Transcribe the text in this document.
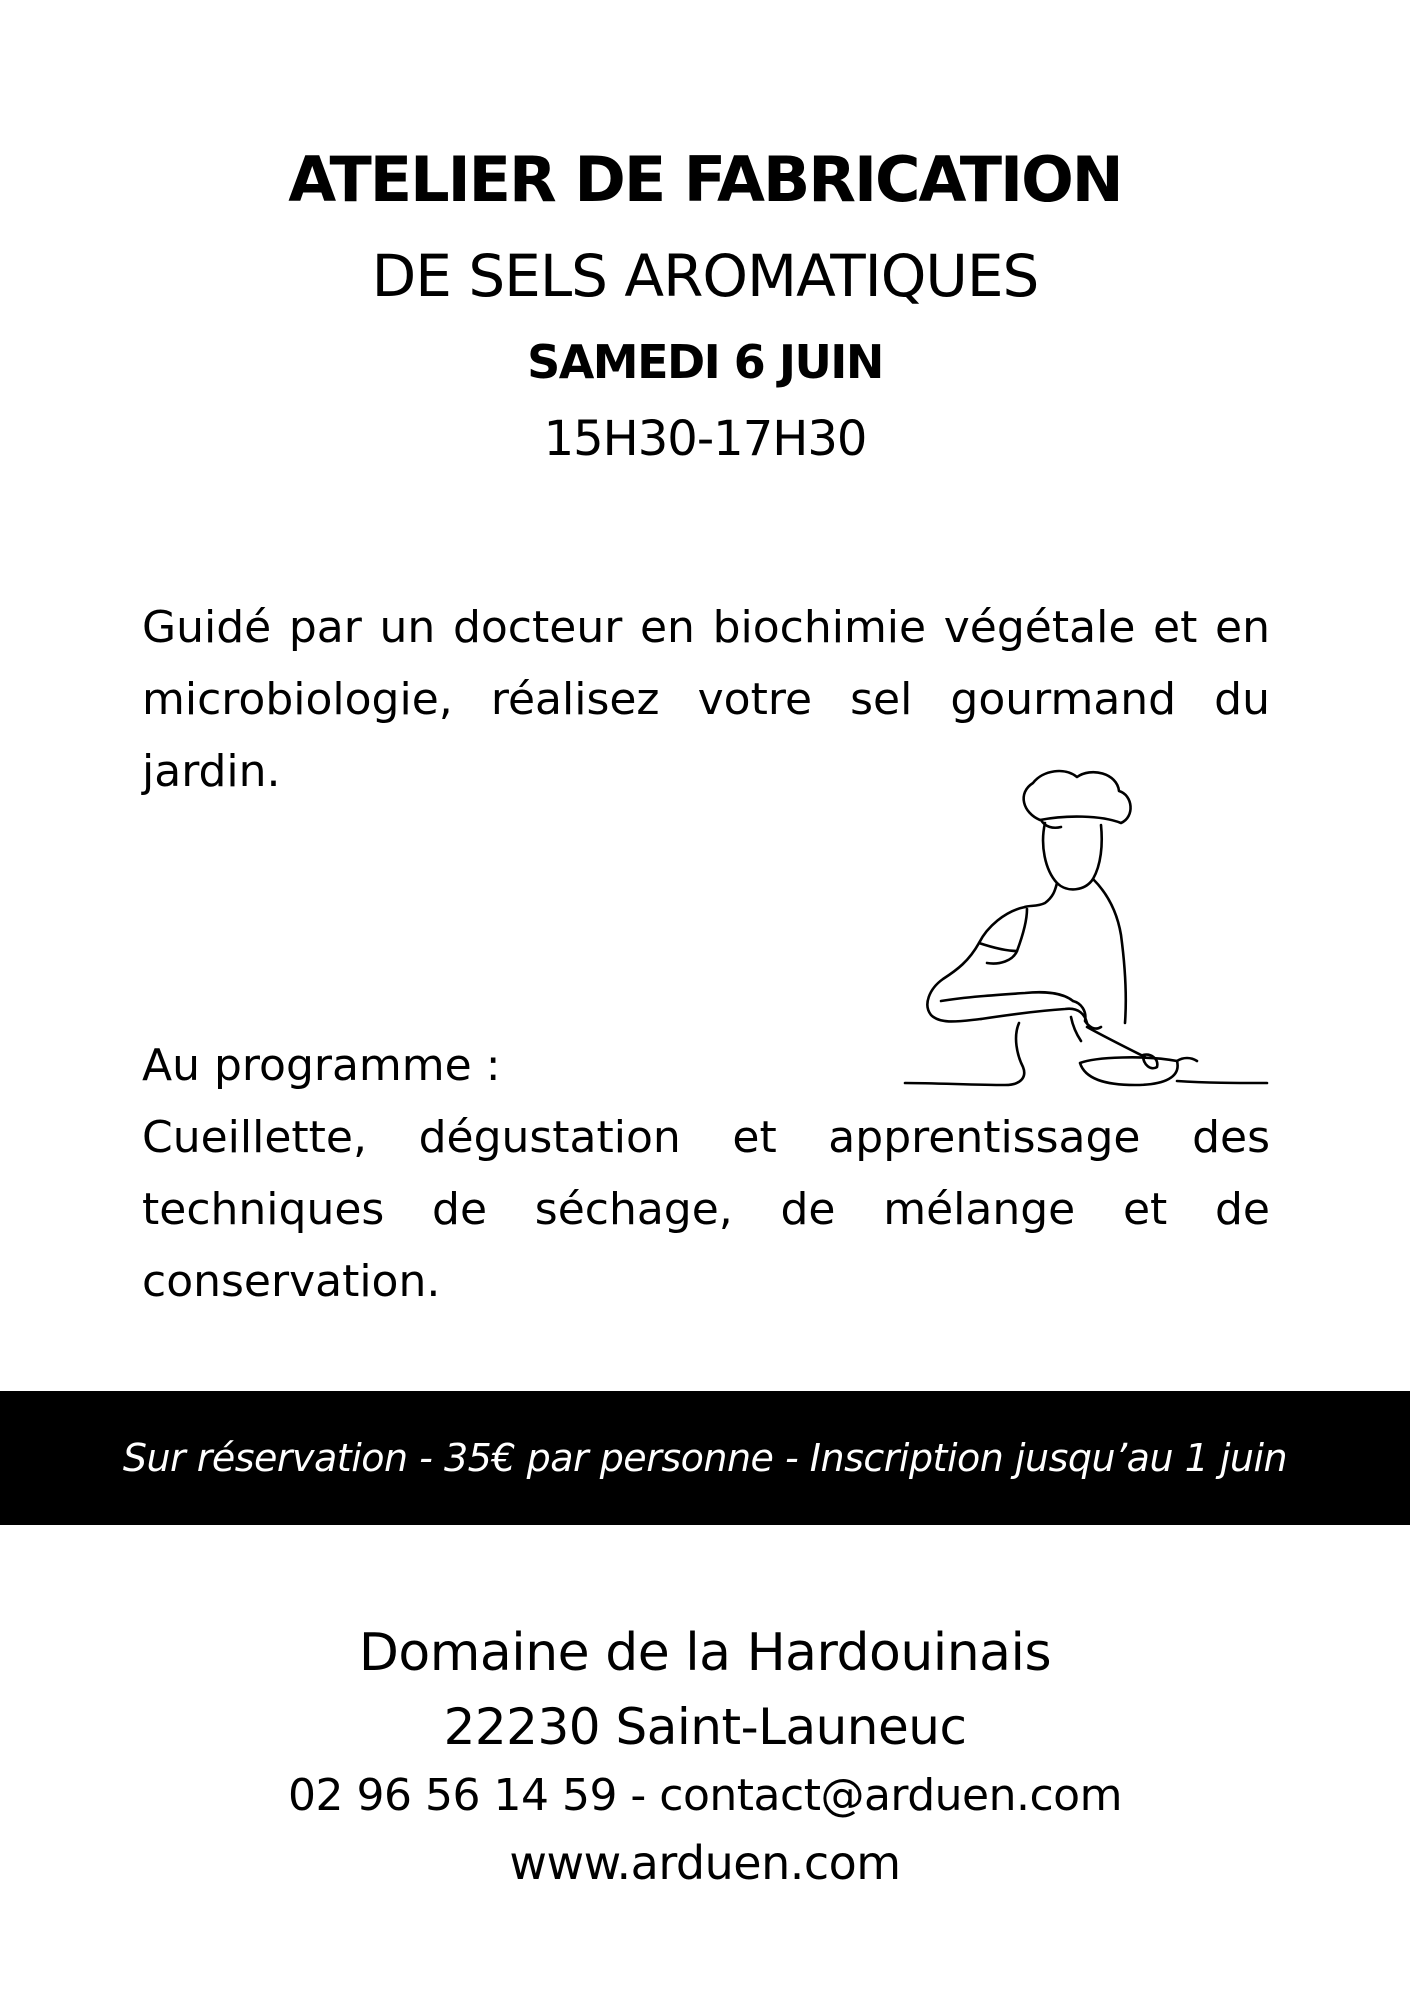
ATELIER DE FABRICATION
DE SELS AROMATIQUES
SAMEDI 6 JUIN
15H30-17H30
Guidé par un docteur en biochimie végétale et en microbiologie, réalisez votre sel gourmand du jardin.
Au programme :
Cueillette, dégustation et apprentissage des techniques de séchage, de mélange et de conservation.
Sur réservation - 35€ par personne - Inscription jusqu’au 1 juin
Domaine de la Hardouinais
22230 Saint-Launeuc
02 96 56 14 59 - contact@arduen.com
www.arduen.com
